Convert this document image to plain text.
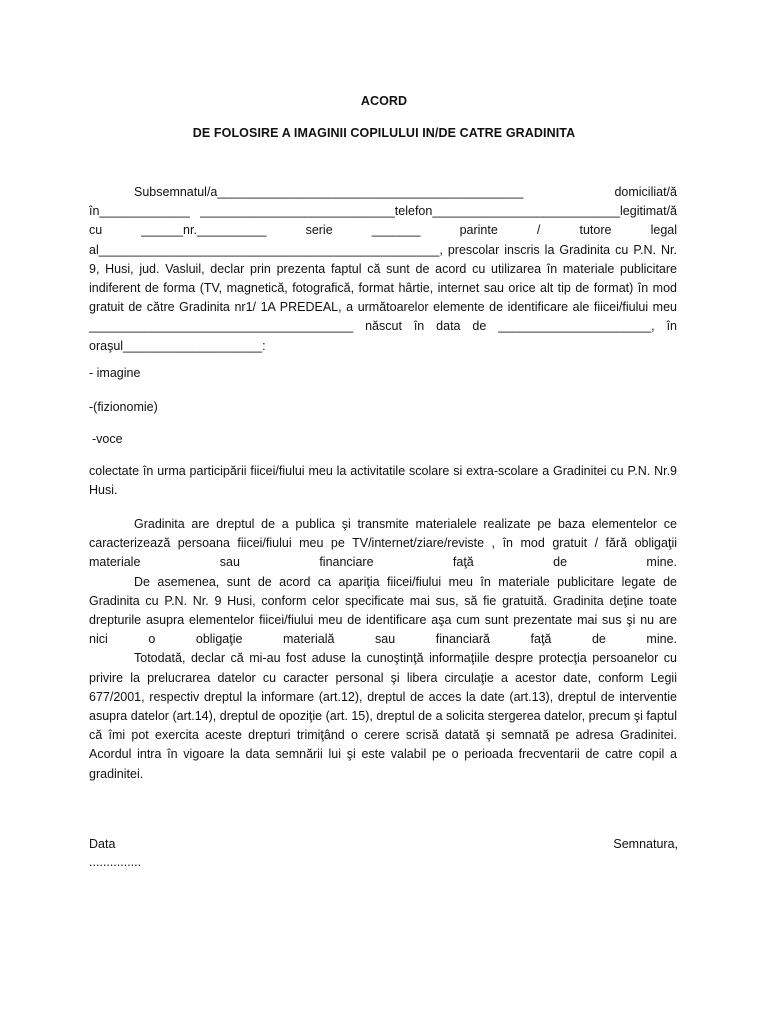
ACORD
DE FOLOSIRE A IMAGINII COPILULUI IN/DE CATRE GRADINITA

Subsemnatul/a____________________________________________ domiciliat/ă în_____________ ____________________________telefon___________________________legitimat/ă cu ______nr.__________ serie _______ parinte / tutore legal al_________________________________________________, prescolar inscris la Gradinita cu P.N. Nr. 9, Husi, jud. Vasluil, declar prin prezenta faptul că sunt de acord cu utilizarea în materiale publicitare indiferent de forma (TV, magnetică, fotografică, format hârtie, internet sau orice alt tip de format) în mod gratuit de către Gradinita nr1/ 1A PREDEAL, a următoarelor elemente de identificare ale fiicei/fiului meu ______________________________________ născut în data de ______________________, în oraşul____________________:

- imagine
-(fizionomie)
-voce

colectate în urma participării fiicei/fiului meu la activitatile scolare si extra-scolare a Gradinitei cu P.N. Nr.9 Husi.

Gradinita are dreptul de a publica şi transmite materialele realizate pe baza elementelor ce caracterizează persoana fiicei/fiului meu pe TV/internet/ziare/reviste , în mod gratuit / fără obligaţii materiale sau financiare faţă de mine.

De asemenea, sunt de acord ca apariţia fiicei/fiului meu în materiale publicitare legate de Gradinita cu P.N. Nr. 9 Husi, conform celor specificate mai sus, să fie gratuită. Gradinita deţine toate drepturile asupra elementelor fiicei/fiului meu de identificare aşa cum sunt prezentate mai sus şi nu are nici o obligaţie materială sau financiară faţă de mine.

Totodată, declar că mi-au fost aduse la cunoştinţă informaţiile despre protecţia persoanelor cu privire la prelucrarea datelor cu caracter personal şi libera circulaţie a acestor date, conform Legii 677/2001, respectiv dreptul la informare (art.12), dreptul de acces la date (art.13), dreptul de interventie asupra datelor (art.14), dreptul de opoziţie (art. 15), dreptul de a solicita stergerea datelor, precum şi faptul că îmi pot exercita aceste drepturi trimiţând o cerere scrisă datată şi semnată pe adresa Gradinitei. Acordul intra în vigoare la data semnării lui şi este valabil pe o perioada frecventarii de catre copil a gradinitei.

Data
...............
Semnatura,
